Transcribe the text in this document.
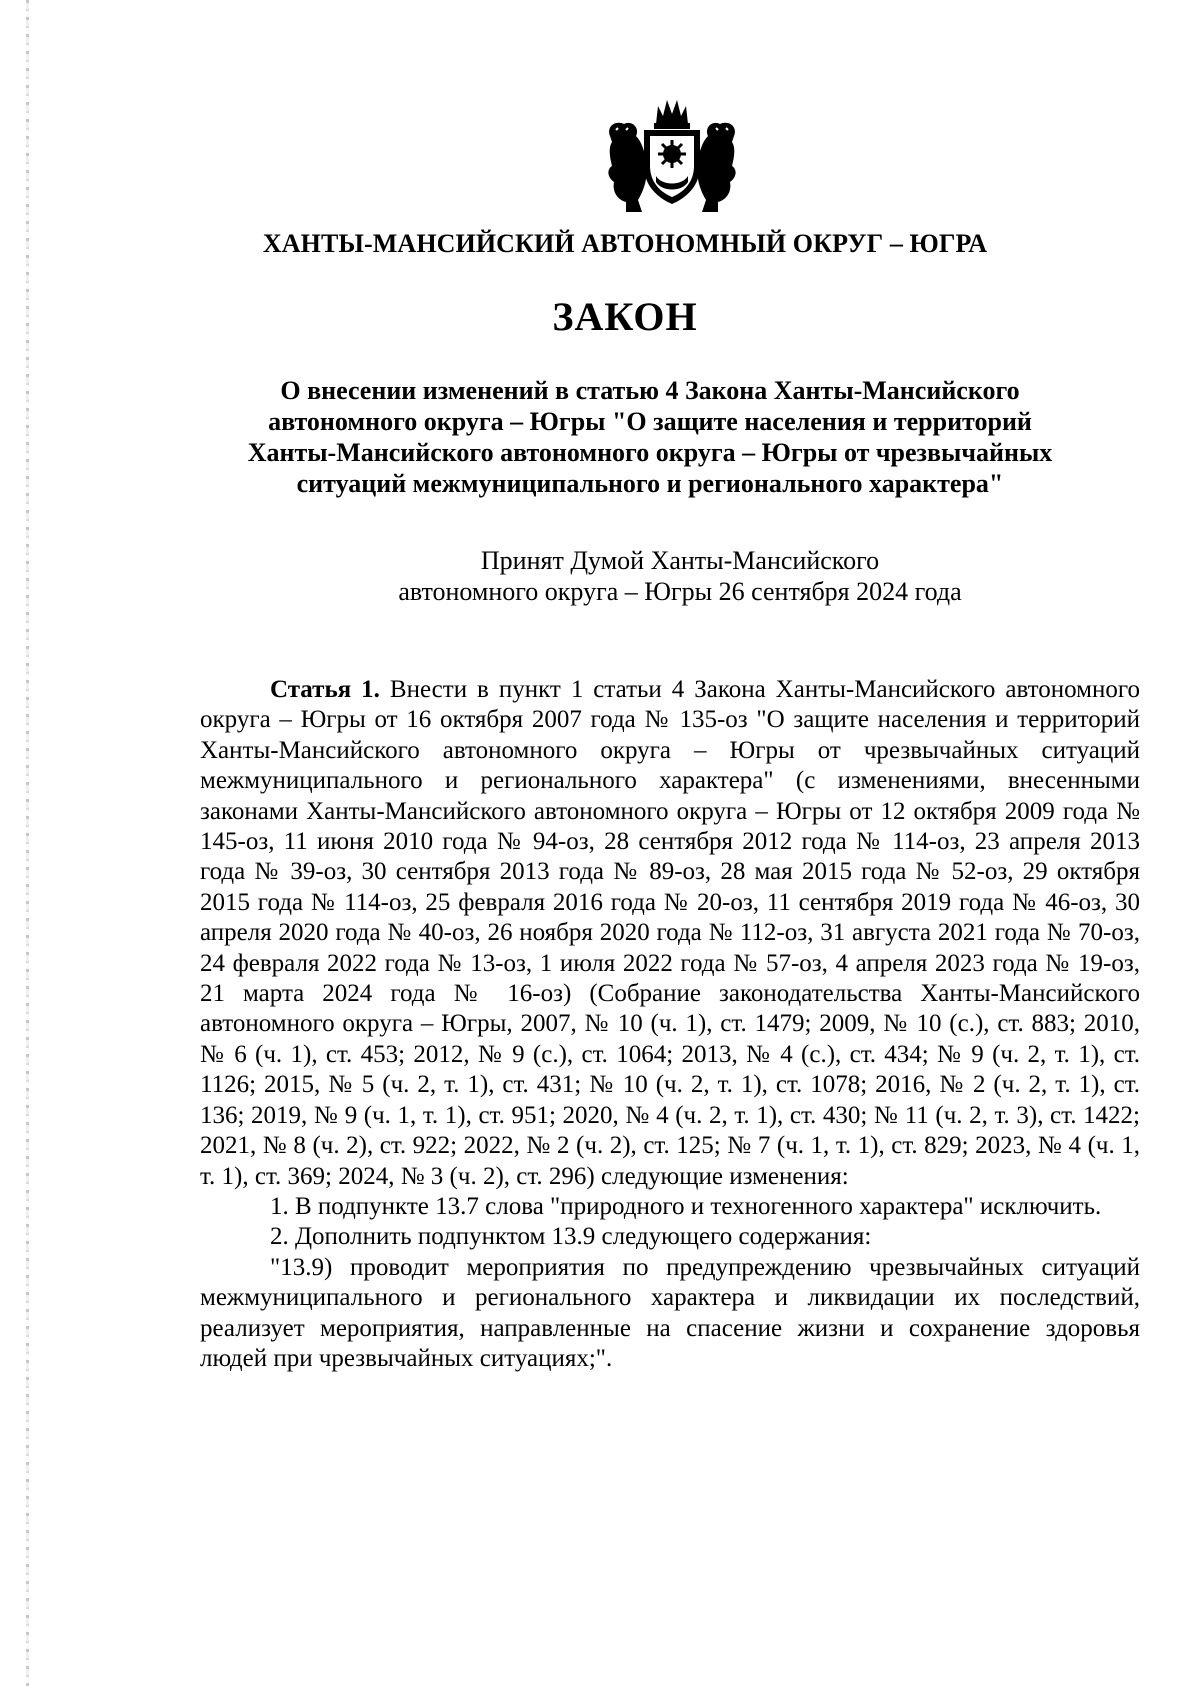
ХАНТЫ-МАНСИЙСКИЙ АВТОНОМНЫЙ ОКРУГ – ЮГРА
ЗАКОН
О внесении изменений в статью 4 Закона Ханты-Мансийского
автономного округа – Югры "О защите населения и территорий
Ханты-Мансийского автономного округа – Югры от чрезвычайных
ситуаций межмуниципального и регионального характера"
Принят Думой Ханты-Мансийского
автономного округа – Югры 26 сентября 2024 года

Статья 1. Внести в пункт 1 статьи 4 Закона Ханты-Мансийского автономного округа – Югры от 16 октября 2007 года № 135-оз "О защите населения и территорий Ханты-Мансийского автономного округа – Югры от чрезвычайных ситуаций межмуниципального и регионального характера" (с изменениями, внесенными законами Ханты-Мансийского автономного округа – Югры от 12 октября 2009 года № 145-оз, 11 июня 2010 года № 94-оз, 28 сентября 2012 года № 114-оз, 23 апреля 2013 года № 39-оз, 30 сентября 2013 года № 89-оз, 28 мая 2015 года № 52-оз, 29 октября 2015 года № 114-оз, 25 февраля 2016 года № 20-оз, 11 сентября 2019 года № 46-оз, 30 апреля 2020 года № 40-оз, 26 ноября 2020 года № 112-оз, 31 августа 2021 года № 70-оз, 24 февраля 2022 года № 13-оз, 1 июля 2022 года № 57-оз, 4 апреля 2023 года № 19-оз, 21 марта 2024 года № 16-оз) (Собрание законодательства Ханты-Мансийского автономного округа – Югры, 2007, № 10 (ч. 1), ст. 1479; 2009, № 10 (с.), ст. 883; 2010, № 6 (ч. 1), ст. 453; 2012, № 9 (с.), ст. 1064; 2013, № 4 (с.), ст. 434; № 9 (ч. 2, т. 1), ст. 1126; 2015, № 5 (ч. 2, т. 1), ст. 431; № 10 (ч. 2, т. 1), ст. 1078; 2016, № 2 (ч. 2, т. 1), ст. 136; 2019, № 9 (ч. 1, т. 1), ст. 951; 2020, № 4 (ч. 2, т. 1), ст. 430; № 11 (ч. 2, т. 3), ст. 1422; 2021, № 8 (ч. 2), ст. 922; 2022, № 2 (ч. 2), ст. 125; № 7 (ч. 1, т. 1), ст. 829; 2023, № 4 (ч. 1, т. 1), ст. 369; 2024, № 3 (ч. 2), ст. 296) следующие изменения:

1. В подпункте 13.7 слова "природного и техногенного характера" исключить.

2. Дополнить подпунктом 13.9 следующего содержания:

"13.9) проводит мероприятия по предупреждению чрезвычайных ситуаций межмуниципального и регионального характера и ликвидации их последствий, реализует мероприятия, направленные на спасение жизни и сохранение здоровья людей при чрезвычайных ситуациях;".
